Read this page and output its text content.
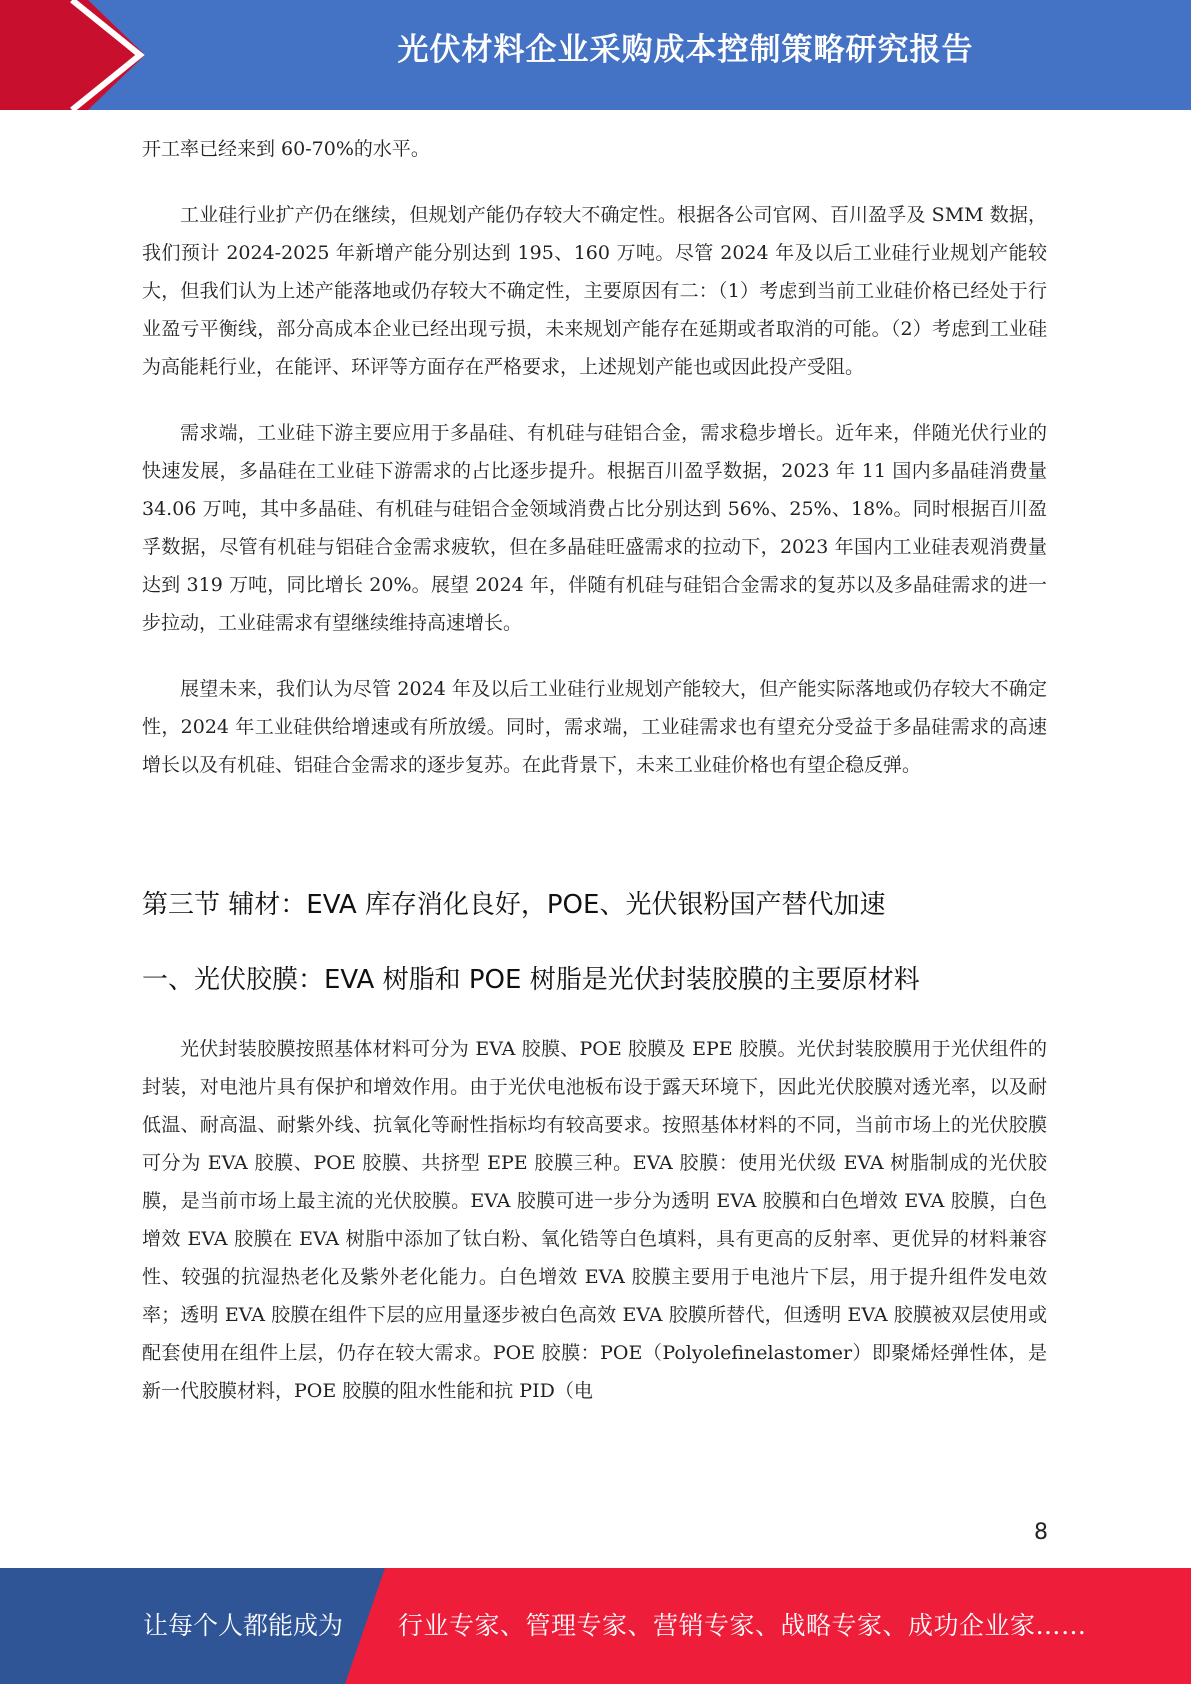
光伏材料企业采购成本控制策略研究报告

开工率已经来到 60-70%的水平。

工业硅行业扩产仍在继续，但规划产能仍存较大不确定性。根据各公司官网、百川盈孚及 SMM 数据，我们预计 2024-2025 年新增产能分别达到 195、160 万吨。尽管 2024 年及以后工业硅行业规划产能较大，但我们认为上述产能落地或仍存较大不确定性，主要原因有二：（1）考虑到当前工业硅价格已经处于行业盈亏平衡线，部分高成本企业已经出现亏损，未来规划产能存在延期或者取消的可能。（2）考虑到工业硅为高能耗行业，在能评、环评等方面存在严格要求，上述规划产能也或因此投产受阻。

需求端，工业硅下游主要应用于多晶硅、有机硅与硅铝合金，需求稳步增长。近年来，伴随光伏行业的快速发展，多晶硅在工业硅下游需求的占比逐步提升。根据百川盈孚数据，2023 年 11 国内多晶硅消费量 34.06 万吨，其中多晶硅、有机硅与硅铝合金领域消费占比分别达到 56%、25%、18%。同时根据百川盈孚数据，尽管有机硅与铝硅合金需求疲软，但在多晶硅旺盛需求的拉动下，2023 年国内工业硅表观消费量达到 319 万吨，同比增长 20%。展望 2024 年，伴随有机硅与硅铝合金需求的复苏以及多晶硅需求的进一步拉动，工业硅需求有望继续维持高速增长。

展望未来，我们认为尽管 2024 年及以后工业硅行业规划产能较大，但产能实际落地或仍存较大不确定性，2024 年工业硅供给增速或有所放缓。同时，需求端，工业硅需求也有望充分受益于多晶硅需求的高速增长以及有机硅、铝硅合金需求的逐步复苏。在此背景下，未来工业硅价格也有望企稳反弹。

第三节 辅材：EVA 库存消化良好，POE、光伏银粉国产替代加速
一、光伏胶膜：EVA 树脂和 POE 树脂是光伏封装胶膜的主要原材料

光伏封装胶膜按照基体材料可分为 EVA 胶膜、POE 胶膜及 EPE 胶膜。光伏封装胶膜用于光伏组件的封装，对电池片具有保护和增效作用。由于光伏电池板布设于露天环境下，因此光伏胶膜对透光率，以及耐低温、耐高温、耐紫外线、抗氧化等耐性指标均有较高要求。按照基体材料的不同，当前市场上的光伏胶膜可分为 EVA 胶膜、POE 胶膜、共挤型 EPE 胶膜三种。EVA 胶膜：使用光伏级 EVA 树脂制成的光伏胶膜，是当前市场上最主流的光伏胶膜。EVA 胶膜可进一步分为透明 EVA 胶膜和白色增效 EVA 胶膜，白色增效 EVA 胶膜在 EVA 树脂中添加了钛白粉、氧化锆等白色填料，具有更高的反射率、更优异的材料兼容性、较强的抗湿热老化及紫外老化能力。白色增效 EVA 胶膜主要用于电池片下层，用于提升组件发电效率；透明 EVA 胶膜在组件下层的应用量逐步被白色高效 EVA 胶膜所替代，但透明 EVA 胶膜被双层使用或配套使用在组件上层，仍存在较大需求。POE 胶膜：POE（Polyolefinelastomer）即聚烯烃弹性体，是新一代胶膜材料，POE 胶膜的阻水性能和抗 PID（电

8
让每个人都能成为 行业专家、管理专家、营销专家、战略专家、成功企业家……
